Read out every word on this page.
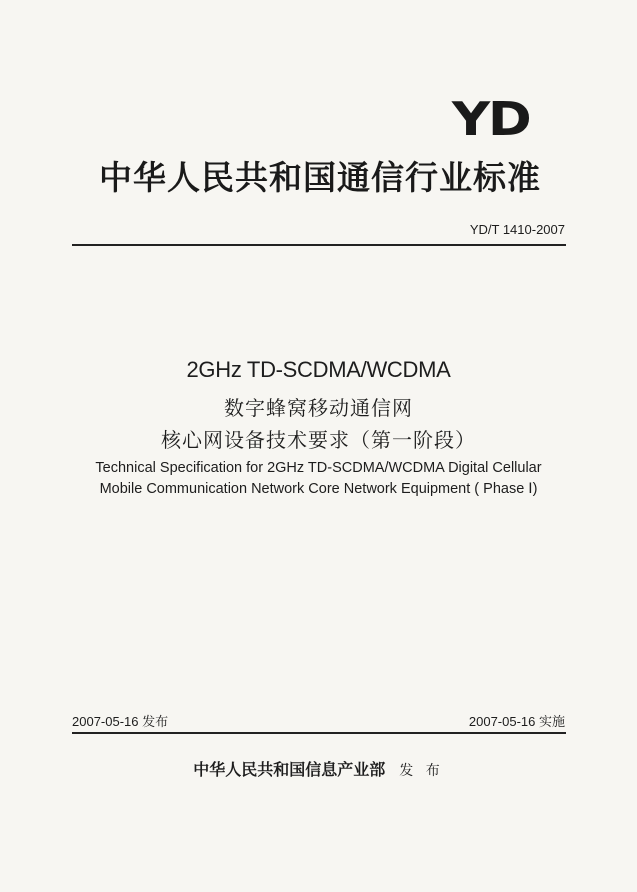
YD
中华人民共和国通信行业标准
YD/T 1410-2007
2GHz TD-SCDMA/WCDMA
数字蜂窝移动通信网
核心网设备技术要求（第一阶段）
Technical Specification for 2GHz TD-SCDMA/WCDMA Digital Cellular
Mobile Communication Network Core Network Equipment ( Phase Ⅰ)
2007-05-16 发布	2007-05-16 实施
中华人民共和国信息产业部 发 布
